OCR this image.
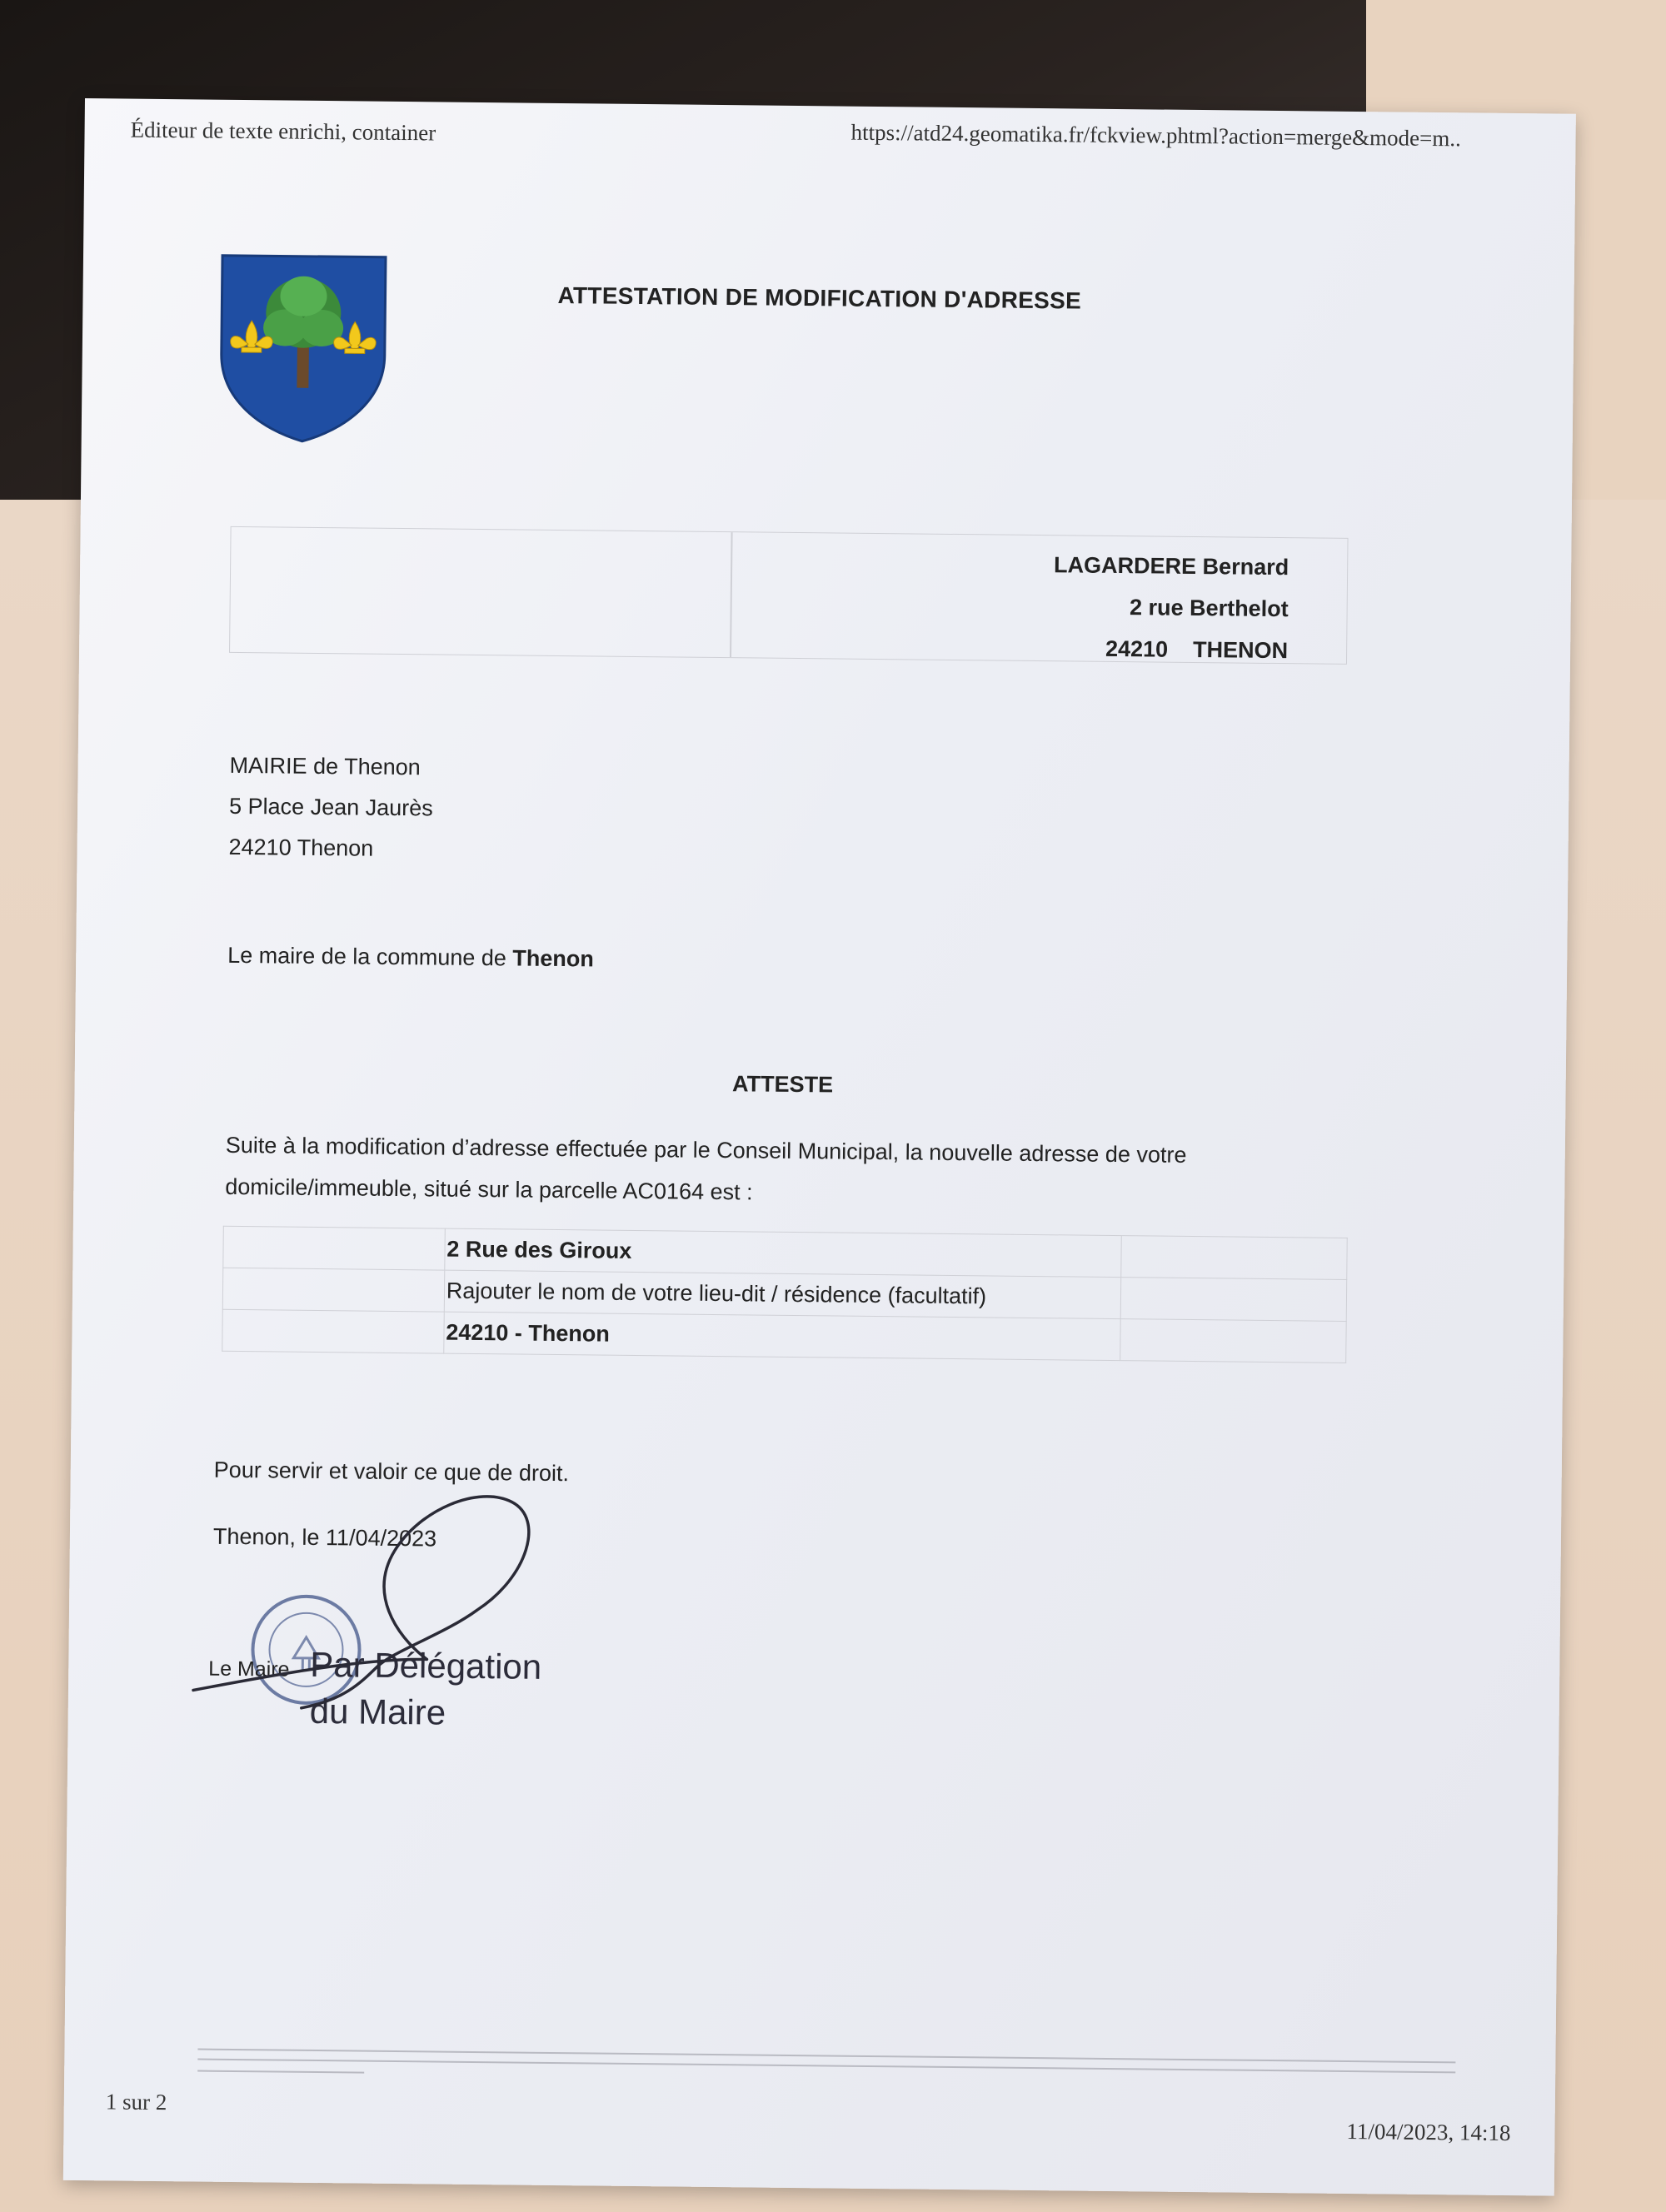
Éditeur de texte enrichi, container	https://atd24.geomatika.fr/fckview.phtml?action=merge&mode=m..
ATTESTATION DE MODIFICATION D'ADRESSE
LAGARDERE Bernard
2 rue Berthelot
24210 THENON
MAIRIE de Thenon
5 Place Jean Jaurès
24210 Thenon
Le maire de la commune de Thenon
ATTESTE
Suite à la modification d’adresse effectuée par le Conseil Municipal, la nouvelle adresse de votre
domicile/immeuble, situé sur la parcelle AC0164 est :
	2 Rue des Giroux	
	Rajouter le nom de votre lieu-dit / résidence (facultatif)	
	24210 - Thenon	
Pour servir et valoir ce que de droit.
Thenon, le 11/04/2023
Le Maire Par Délégation
du Maire
1 sur 2
11/04/2023, 14:18
